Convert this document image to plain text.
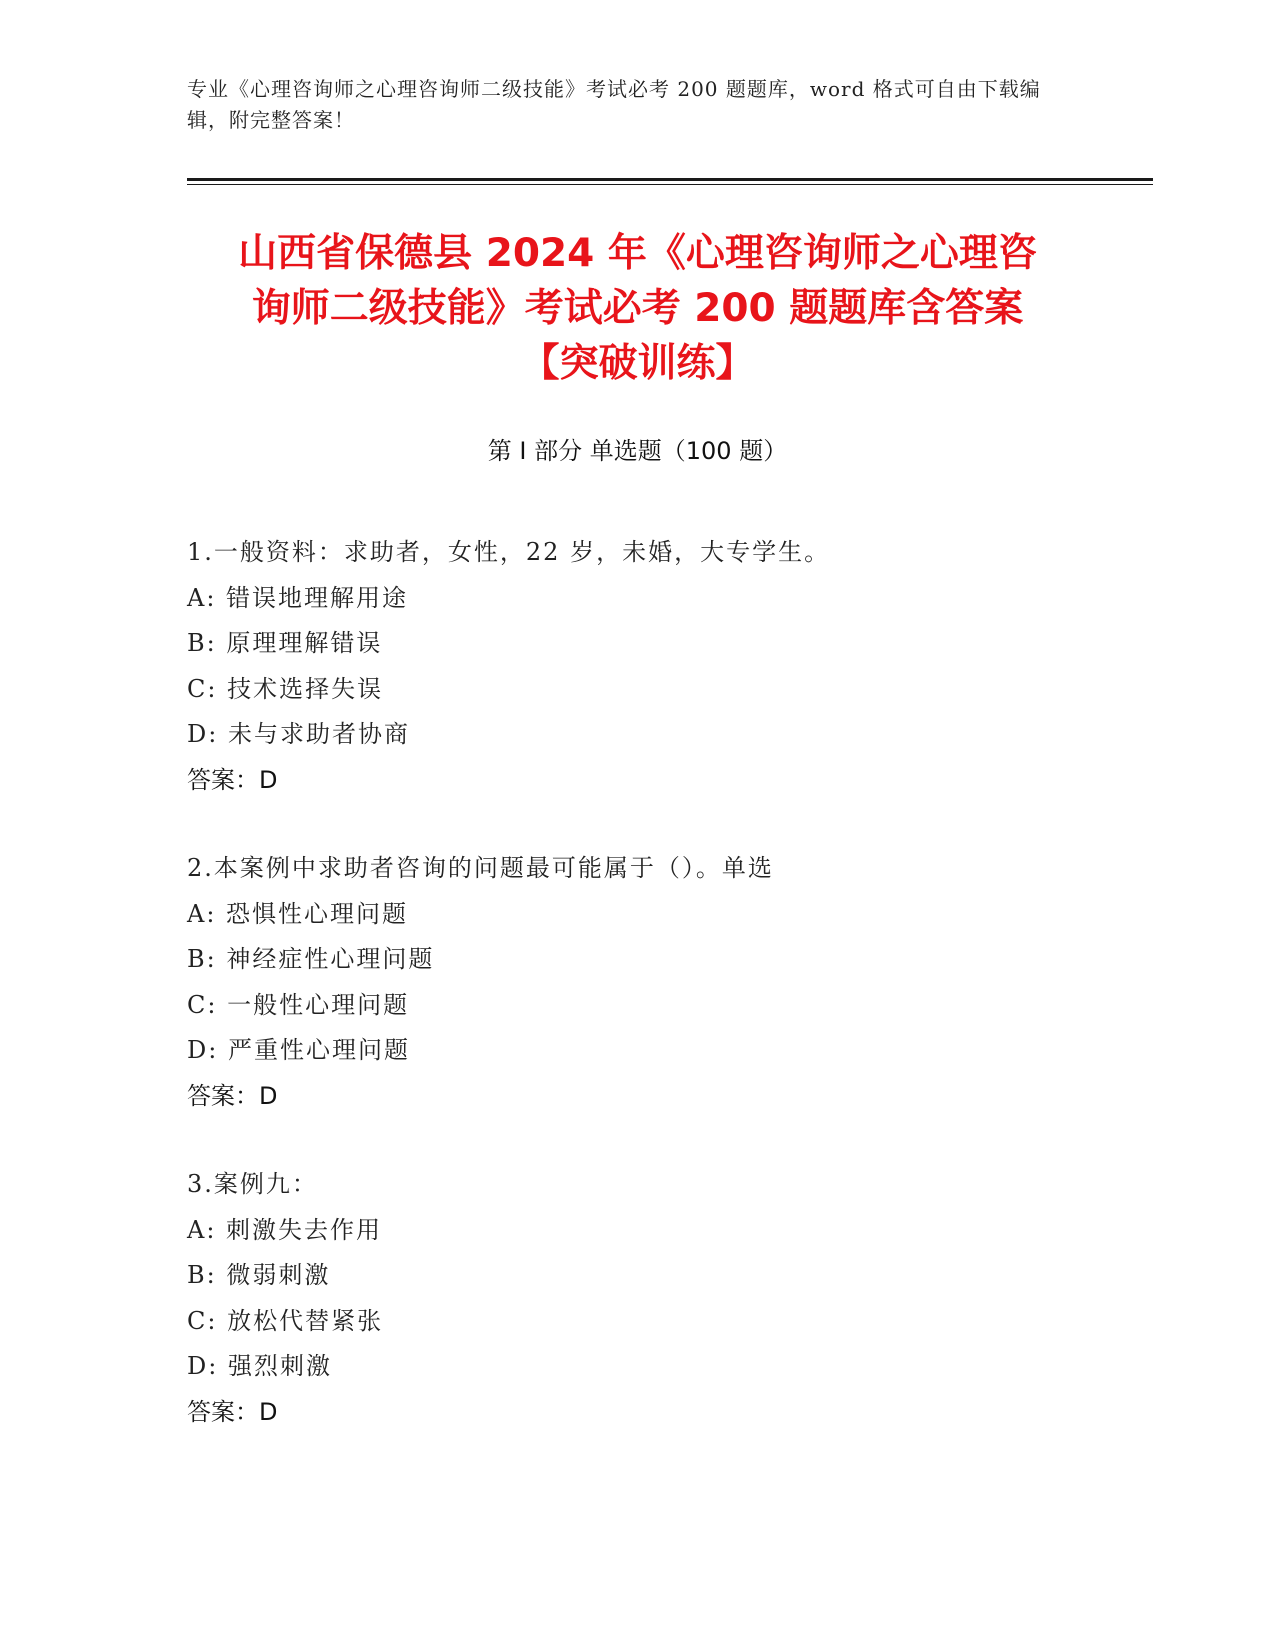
专业《心理咨询师之心理咨询师二级技能》考试必考 200 题题库，word 格式可自由下载编辑，附完整答案！
山西省保德县 2024 年《心理咨询师之心理咨
询师二级技能》考试必考 200 题题库含答案
【突破训练】
第 I 部分 单选题（100 题）
1.一般资料：求助者，女性，22 岁，未婚，大专学生。
A: 错误地理解用途
B: 原理理解错误
C: 技术选择失误
D: 未与求助者协商
答案：D
2.本案例中求助者咨询的问题最可能属于（）。单选
A: 恐惧性心理问题
B: 神经症性心理问题
C: 一般性心理问题
D: 严重性心理问题
答案：D
3.案例九：
A: 刺激失去作用
B: 微弱刺激
C: 放松代替紧张
D: 强烈刺激
答案：D
